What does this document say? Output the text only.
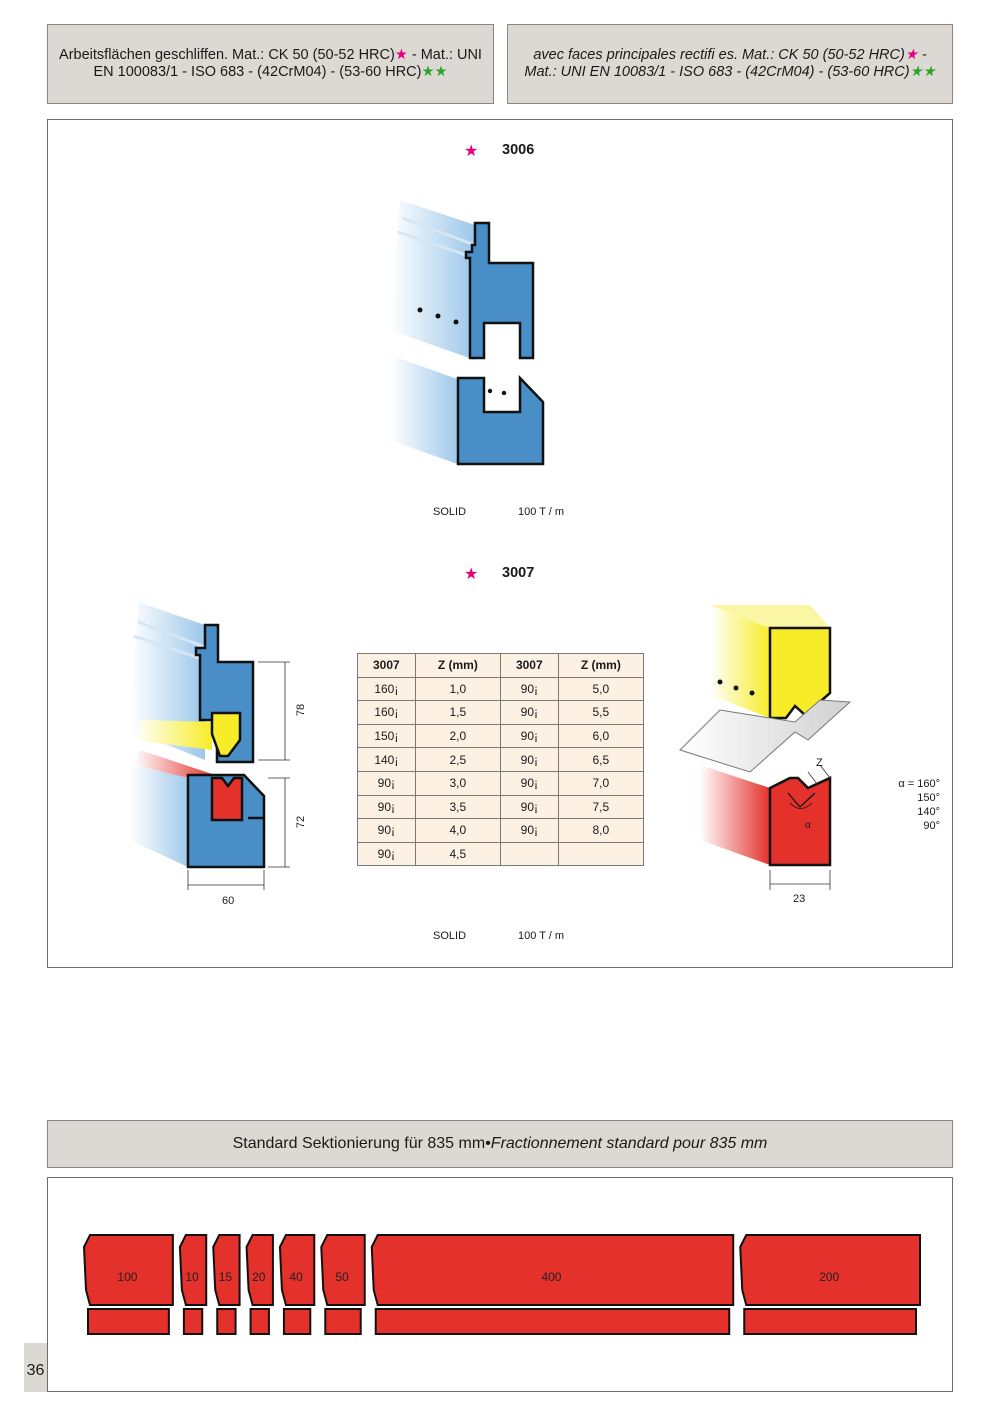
Arbeitsflächen geschliffen. Mat.: CK 50 (50-52 HRC)★ - Mat.: UNI EN 100083/1 - ISO 683 - (42CrM04) - (53-60 HRC)★★
avec faces principales rectifi es. Mat.: CK 50 (50-52 HRC)★ - Mat.: UNI EN 10083/1 - ISO 683 - (42CrM04) - (53-60 HRC)★★
★ 3006
SOLID	100 T / m
★ 3007
78
72
60
3007	Z (mm)	3007	Z (mm)
160¡	1,0	90¡	5,0
160¡	1,5	90¡	5,5
150¡	2,0	90¡	6,0
140¡	2,5	90¡	6,5
90¡	3,0	90¡	7,0
90¡	3,5	90¡	7,5
90¡	4,0	90¡	8,0
90¡	4,5		
Z
α
23
α = 160°
150°
140°
90°
SOLID	100 T / m
Standard Sektionierung für 835 mm • Fractionnement standard pour 835 mm
100	10 15 20 40	50	400	200
36
